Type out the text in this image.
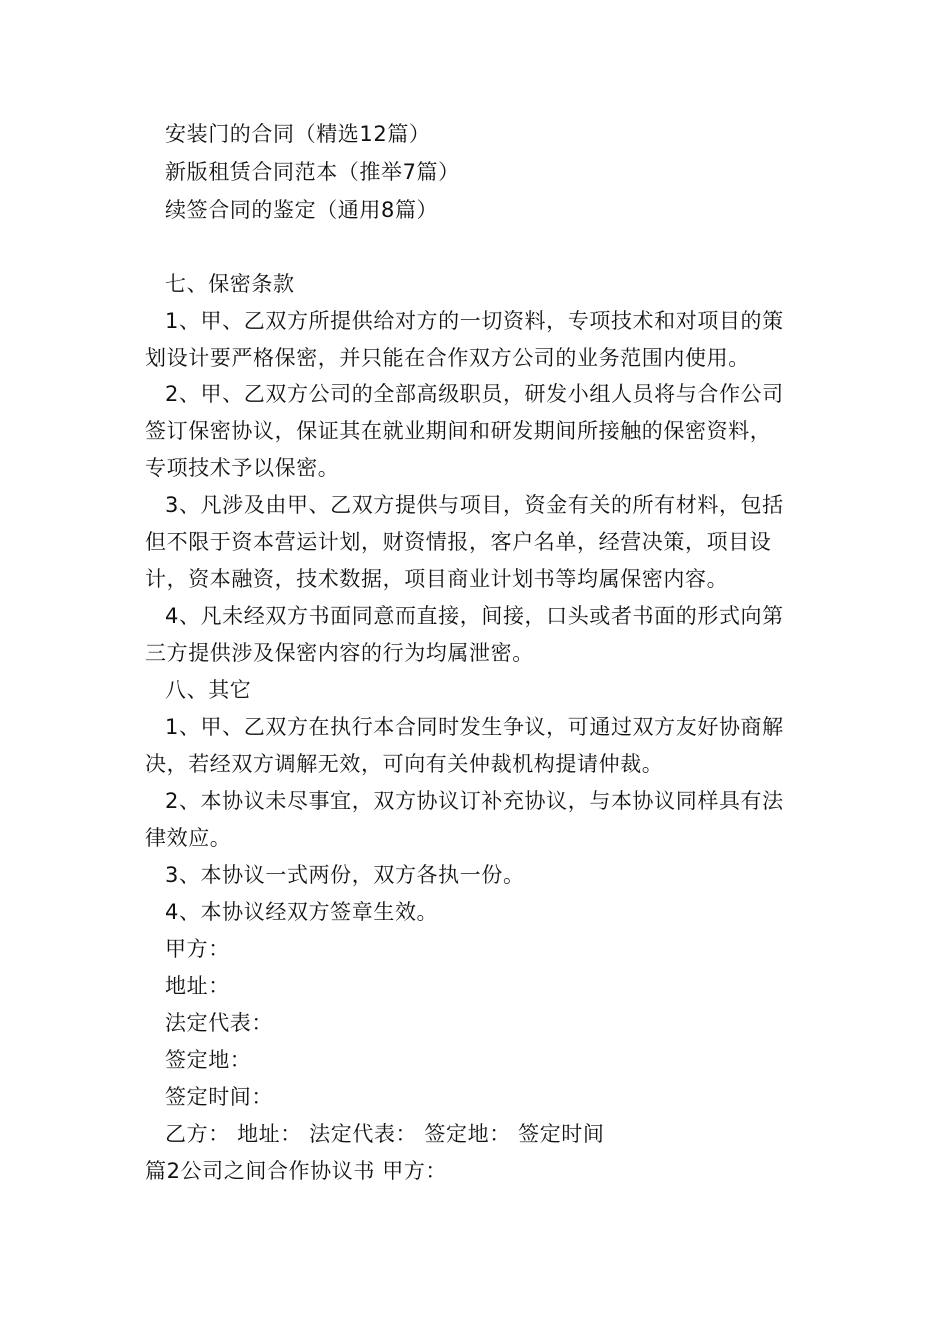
安装门的合同（精选12篇）
新版租赁合同范本（推举7篇）
续签合同的鉴定（通用8篇）
七、保密条款
1、甲、乙双方所提供给对方的一切资料，专项技术和对项目的策
划设计要严格保密，并只能在合作双方公司的业务范围内使用。
2、甲、乙双方公司的全部高级职员，研发小组人员将与合作公司
签订保密协议，保证其在就业期间和研发期间所接触的保密资料，
专项技术予以保密。
3、凡涉及由甲、乙双方提供与项目，资金有关的所有材料，包括
但不限于资本营运计划，财资情报，客户名单，经营决策，项目设
计，资本融资，技术数据，项目商业计划书等均属保密内容。
4、凡未经双方书面同意而直接，间接，口头或者书面的形式向第
三方提供涉及保密内容的行为均属泄密。
八、其它
1、甲、乙双方在执行本合同时发生争议，可通过双方友好协商解
决，若经双方调解无效，可向有关仲裁机构提请仲裁。
2、本协议未尽事宜，双方协议订补充协议，与本协议同样具有法
律效应。
3、本协议一式两份，双方各执一份。
4、本协议经双方签章生效。
甲方：
地址：
法定代表：
签定地：
签定时间：
乙方： 地址： 法定代表： 签定地： 签定时间
篇2公司之间合作协议书 甲方：
